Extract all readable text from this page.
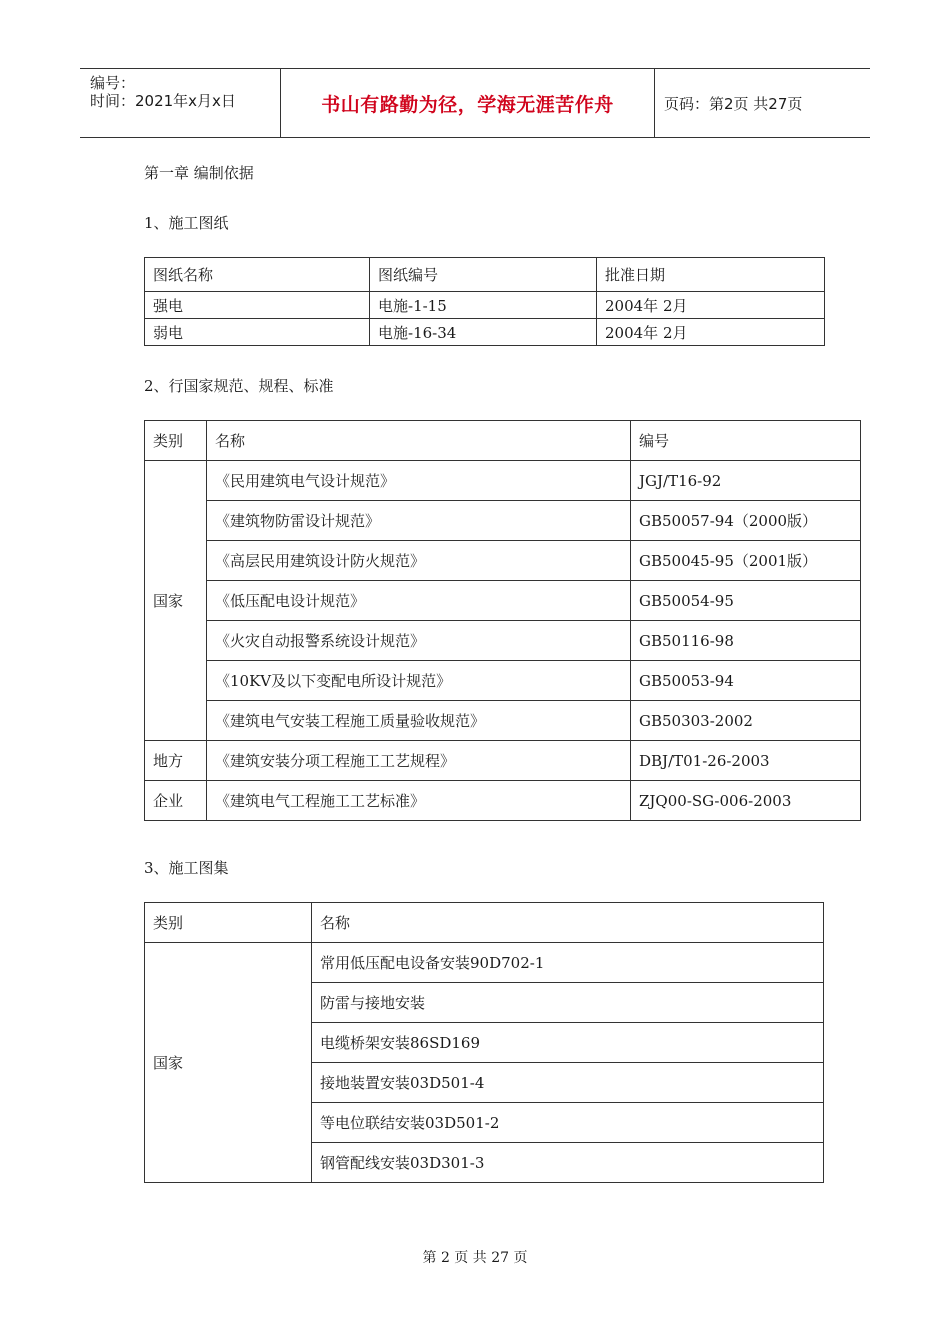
编号：
时间：2021年x月x日	书山有路勤为径，学海无涯苦作舟	页码：第2页 共27页
第一章 编制依据
1、施工图纸
图纸名称	图纸编号	批准日期
强电	电施-1-15	2004年 2月
弱电	电施-16-34	2004年 2月
2、行国家规范、规程、标准
类别	名称	编号
国家	《民用建筑电气设计规范》	JGJ/T16-92
	《建筑物防雷设计规范》	GB50057-94（2000版）
	《高层民用建筑设计防火规范》	GB50045-95（2001版）
	《低压配电设计规范》	GB50054-95
	《火灾自动报警系统设计规范》	GB50116-98
	《10KV及以下变配电所设计规范》	GB50053-94
	《建筑电气安装工程施工质量验收规范》	GB50303-2002
地方	《建筑安装分项工程施工工艺规程》	DBJ/T01-26-2003
企业	《建筑电气工程施工工艺标准》	ZJQ00-SG-006-2003
3、施工图集
类别	名称
国家	常用低压配电设备安装90D702-1
	防雷与接地安装
	电缆桥架安装86SD169
	接地装置安装03D501-4
	等电位联结安装03D501-2
	钢管配线安装03D301-3
第 2 页 共 27 页
